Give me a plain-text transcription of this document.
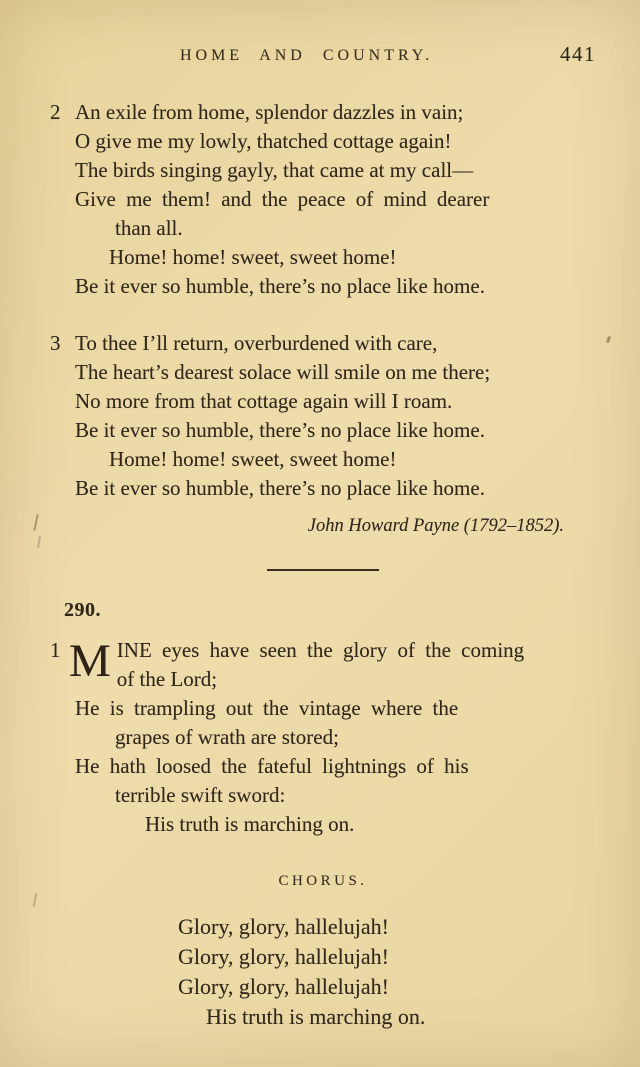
HOME AND COUNTRY.	441
2 An exile from home, splendor dazzles in vain;
O give me my lowly, thatched cottage again!
The birds singing gayly, that came at my call—
Give me them! and the peace of mind dearer
than all.
Home! home! sweet, sweet home!
Be it ever so humble, there’s no place like home.
3 To thee I’ll return, overburdened with care,
The heart’s dearest solace will smile on me there;
No more from that cottage again will I roam.
Be it ever so humble, there’s no place like home.
Home! home! sweet, sweet home!
Be it ever so humble, there’s no place like home.
John Howard Payne (1792–1852).
290.
1 M INE eyes have seen the glory of the coming
of the Lord;
He is trampling out the vintage where the
grapes of wrath are stored;
He hath loosed the fateful lightnings of his
terrible swift sword:
His truth is marching on.
CHORUS.
Glory, glory, hallelujah!
Glory, glory, hallelujah!
Glory, glory, hallelujah!
His truth is marching on.
